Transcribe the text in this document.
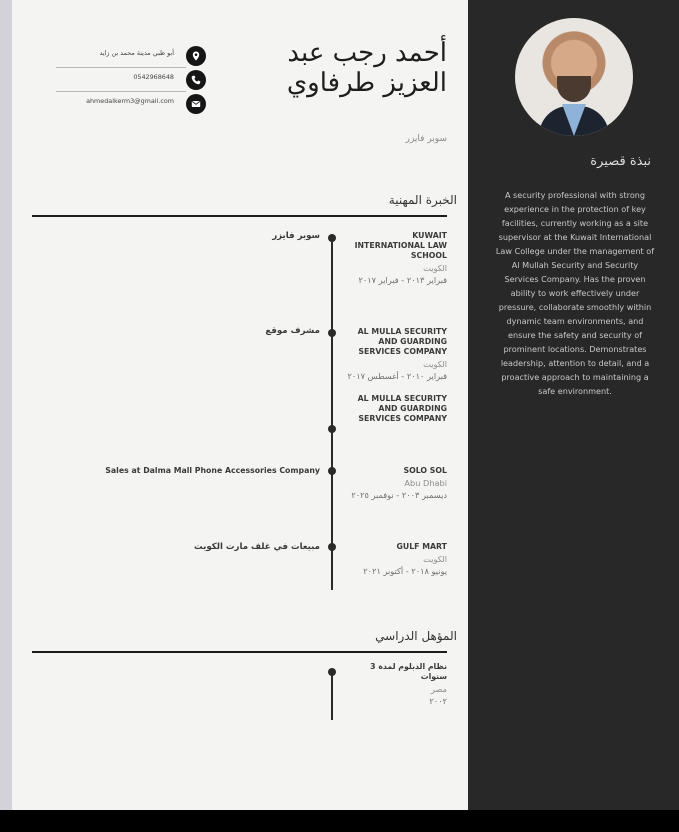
نبذة قصيرة
A security professional with strong experience in the protection of key facilities, currently working as a site supervisor at the Kuwait International Law College under the management of Al Mullah Security and Security Services Company. Has the proven ability to work effectively under pressure, collaborate smoothly within dynamic team environments, and ensure the safety and security of prominent locations. Demonstrates leadership, attention to detail, and a proactive approach to maintaining a safe environment.
أحمد رجب عبد العزيز طرفاوي
سوبر فايزر
أبو ظبي مدينة محمد بن زايد
0542968648
ahmedalkerm3@gmail.com
الخبرة المهنية
KUWAIT INTERNATIONAL LAW SCHOOL
الكويت
فبراير ٢٠١٣ - فبراير ٢٠١٧
سوبر فايزر
AL MULLA SECURITY AND GUARDING SERVICES COMPANY
الكويت
فبراير ٢٠١٠ - أغسطس ٢٠١٧
مشرف موقع
AL MULLA SECURITY AND GUARDING SERVICES COMPANY
SOLO SOL
Abu Dhabi
ديسمبر ٢٠٠٣ - نوفمبر ٢٠٢٥
Sales at Dalma Mall Phone Accessories Company
GULF MART
الكويت
يونيو ٢٠١٨ - أكتوبر ٢٠٢١
مبيعات في غلف مارت الكويت
المؤهل الدراسي
نظام الدبلوم لمدة 3 سنوات
مصر
٢٠٠٢
